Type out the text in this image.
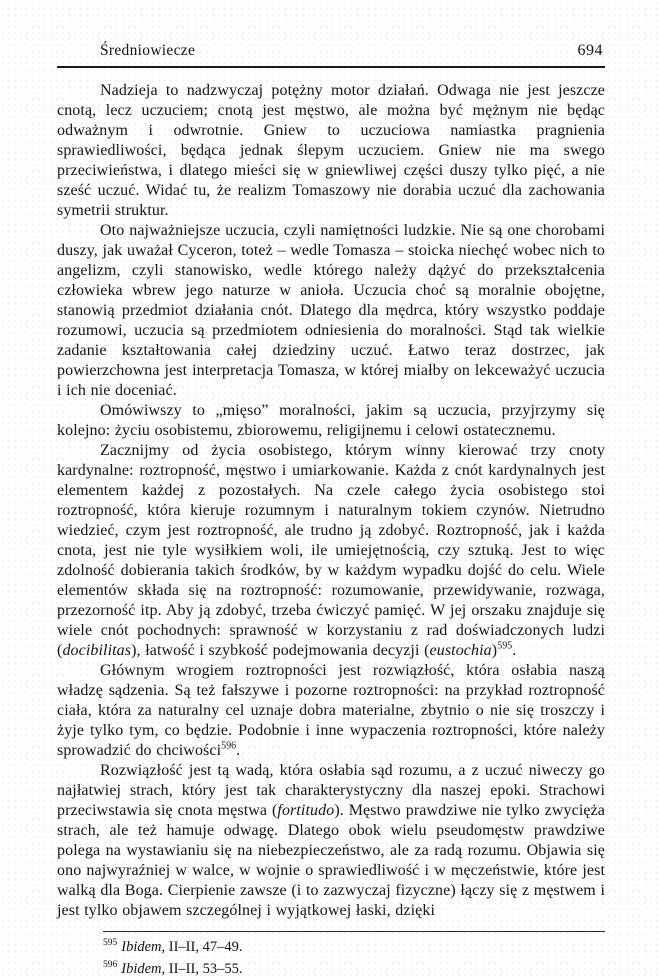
Średniowiecze	694

Nadzieja to nadzwyczaj potężny motor działań. Odwaga nie jest jeszcze cnotą, lecz uczuciem; cnotą jest męstwo, ale można być mężnym nie będąc odważnym i odwrotnie. Gniew to uczuciowa namiastka pragnienia sprawiedliwości, będąca jednak ślepym uczuciem. Gniew nie ma swego przeciwieństwa, i dlatego mieści się w gniewliwej części duszy tylko pięć, a nie sześć uczuć. Widać tu, że realizm Tomaszowy nie dorabia uczuć dla zachowania symetrii struktur.

Oto najważniejsze uczucia, czyli namiętności ludzkie. Nie są one chorobami duszy, jak uważał Cyceron, toteż – wedle Tomasza – stoicka niechęć wobec nich to angelizm, czyli stanowisko, wedle którego należy dążyć do przekształcenia człowieka wbrew jego naturze w anioła. Uczucia choć są moralnie obojętne, stanowią przedmiot działania cnót. Dlatego dla mędrca, który wszystko poddaje rozumowi, uczucia są przedmiotem odniesienia do moralności. Stąd tak wielkie zadanie kształtowania całej dziedziny uczuć. Łatwo teraz dostrzec, jak powierzchowna jest interpretacja Tomasza, w której miałby on lekceważyć uczucia i ich nie doceniać.

Omówiwszy to „mięso” moralności, jakim są uczucia, przyjrzymy się kolejno: życiu osobistemu, zbiorowemu, religijnemu i celowi ostatecznemu.

Zacznijmy od życia osobistego, którym winny kierować trzy cnoty kardynalne: roztropność, męstwo i umiarkowanie. Każda z cnót kardynalnych jest elementem każdej z pozostałych. Na czele całego życia osobistego stoi roztropność, która kieruje rozumnym i naturalnym tokiem czynów. Nietrudno wiedzieć, czym jest roztropność, ale trudno ją zdobyć. Roztropność, jak i każda cnota, jest nie tyle wysiłkiem woli, ile umiejętnością, czy sztuką. Jest to więc zdolność dobierania takich środków, by w każdym wypadku dojść do celu. Wiele elementów składa się na roztropność: rozumowanie, przewidywanie, rozwaga, przezorność itp. Aby ją zdobyć, trzeba ćwiczyć pamięć. W jej orszaku znajduje się wiele cnót pochodnych: sprawność w korzystaniu z rad doświadczonych ludzi (docibilitas), łatwość i szybkość podejmowania decyzji (eustochia)$^{595}$.

Głównym wrogiem roztropności jest rozwiązłość, która osłabia naszą władzę sądzenia. Są też fałszywe i pozorne roztropności: na przykład roztropność ciała, która za naturalny cel uznaje dobra materialne, zbytnio o nie się troszczy i żyje tylko tym, co będzie. Podobnie i inne wypaczenia roztropności, które należy sprowadzić do chciwości$^{596}$.

Rozwiązłość jest tą wadą, która osłabia sąd rozumu, a z uczuć niweczy go najłatwiej strach, który jest tak charakterystyczny dla naszej epoki. Strachowi przeciwstawia się cnota męstwa (fortitudo). Męstwo prawdziwe nie tylko zwycięża strach, ale też hamuje odwagę. Dlatego obok wielu pseudomęstw prawdziwe polega na wystawianiu się na niebezpieczeństwo, ale za radą rozumu. Objawia się ono najwyraźniej w walce, w wojnie o sprawiedliwość i w męczeństwie, które jest walką dla Boga. Cierpienie zawsze (i to zazwyczaj fizyczne) łączy się z męstwem i jest tylko objawem szczególnej i wyjątkowej łaski, dzięki

$^{595}$ Ibidem, II–II, 47–49.

$^{596}$ Ibidem, II–II, 53–55.
